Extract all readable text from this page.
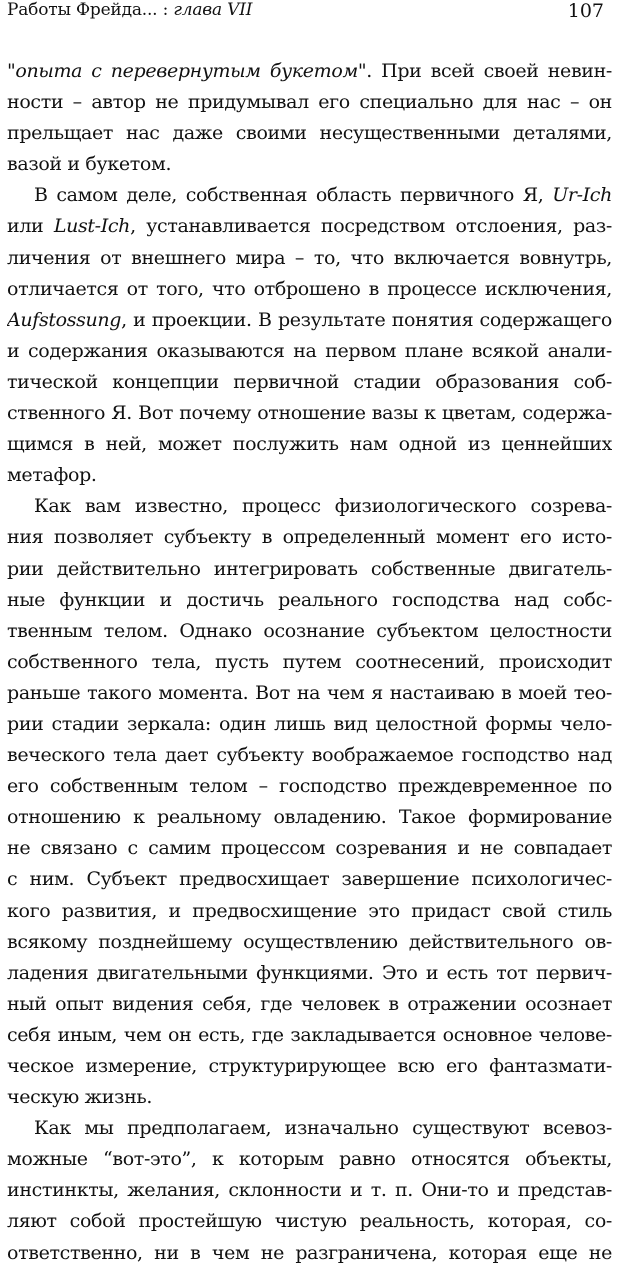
Работы Фрейда... : глава VII	107
"опыта с перевернутым букетом". При всей своей невин-
ности – автор не придумывал его специально для нас – он
прельщает нас даже своими несущественными деталями,
вазой и букетом.
В самом деле, собственная область первичного Я, Ur-Ich
или Lust-Ich, устанавливается посредством отслоения, раз-
личения от внешнего мира – то, что включается вовнутрь,
отличается от того, что отброшено в процессе исключения,
Aufstossung, и проекции. В результате понятия содержащего
и содержания оказываются на первом плане всякой анали-
тической концепции первичной стадии образования соб-
ственного Я. Вот почему отношение вазы к цветам, содержа-
щимся в ней, может послужить нам одной из ценнейших
метафор.
Как вам известно, процесс физиологического созрева-
ния позволяет субъекту в определенный момент его исто-
рии действительно интегрировать собственные двигатель-
ные функции и достичь реального господства над собс-
твенным телом. Однако осознание субъектом целостности
собственного тела, пусть путем соотнесений, происходит
раньше такого момента. Вот на чем я настаиваю в моей тео-
рии стадии зеркала: один лишь вид целостной формы чело-
веческого тела дает субъекту воображаемое господство над
его собственным телом – господство преждевременное по
отношению к реальному овладению. Такое формирование
не связано с самим процессом созревания и не совпадает
с ним. Субъект предвосхищает завершение психологичес-
кого развития, и предвосхищение это придаст свой стиль
всякому позднейшему осуществлению действительного ов-
ладения двигательными функциями. Это и есть тот первич-
ный опыт видения себя, где человек в отражении осознает
себя иным, чем он есть, где закладывается основное челове-
ческое измерение, структурирующее всю его фантазмати-
ческую жизнь.
Как мы предполагаем, изначально существуют всевоз-
можные “вот-это”, к которым равно относятся объекты,
инстинкты, желания, склонности и т. п. Они-то и представ-
ляют собой простейшую чистую реальность, которая, со-
ответственно, ни в чем не разграничена, которая еще не
